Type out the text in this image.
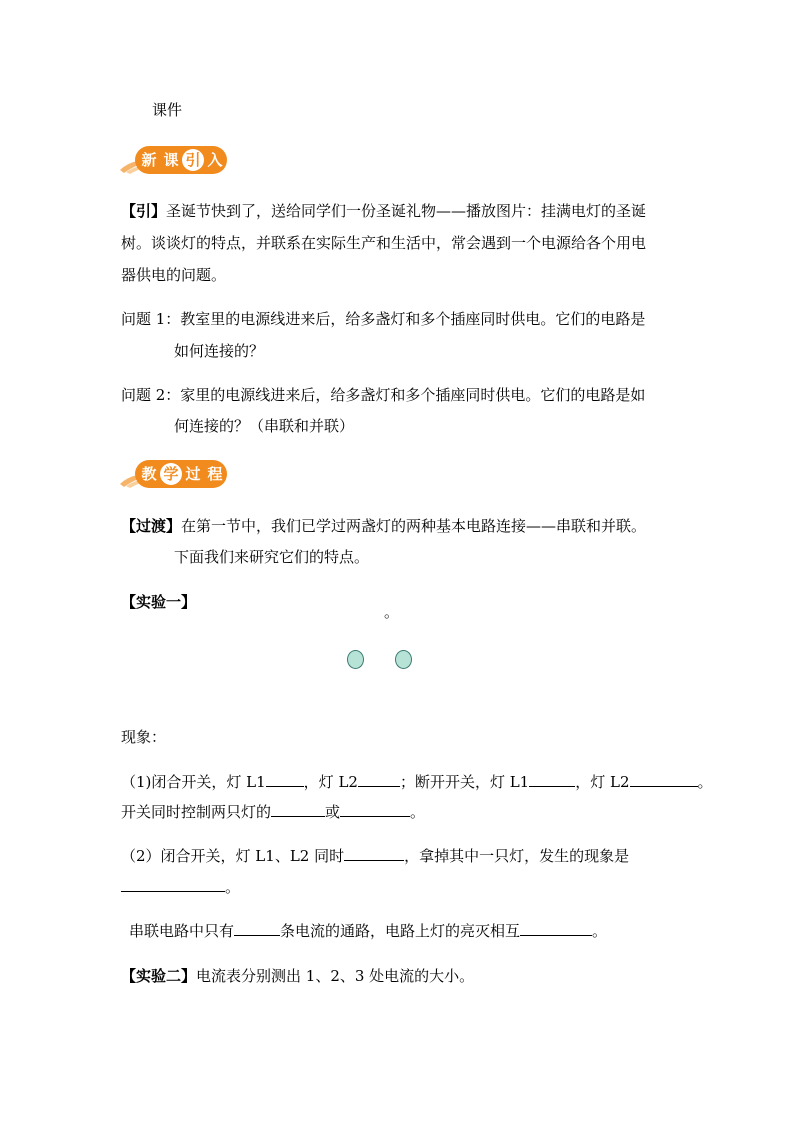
课件
新 课 引 入
【引】圣诞节快到了，送给同学们一份圣诞礼物——播放图片：挂满电灯的圣诞
树。谈谈灯的特点，并联系在实际生产和生活中，常会遇到一个电源给各个用电
器供电的问题。
问题 1：教室里的电源线进来后，给多盏灯和多个插座同时供电。它们的电路是
如何连接的？
问题 2：家里的电源线进来后，给多盏灯和多个插座同时供电。它们的电路是如
何连接的？（串联和并联）
教 学 过 程
【过渡】在第一节中，我们已学过两盏灯的两种基本电路连接——串联和并联。
下面我们来研究它们的特点。
【实验一】
。
现象：
（1)闭合开关，灯 L1	，灯 L2	；断开开关，灯 L1	，灯 L2	。
开关同时控制两只灯的	或	。
（2）闭合开关，灯 L1、L2 同时	，拿掉其中一只灯，发生的现象是
。
串联电路中只有	条电流的通路，电路上灯的亮灭相互	。
【实验二】电流表分别测出 1、2、3 处电流的大小。
